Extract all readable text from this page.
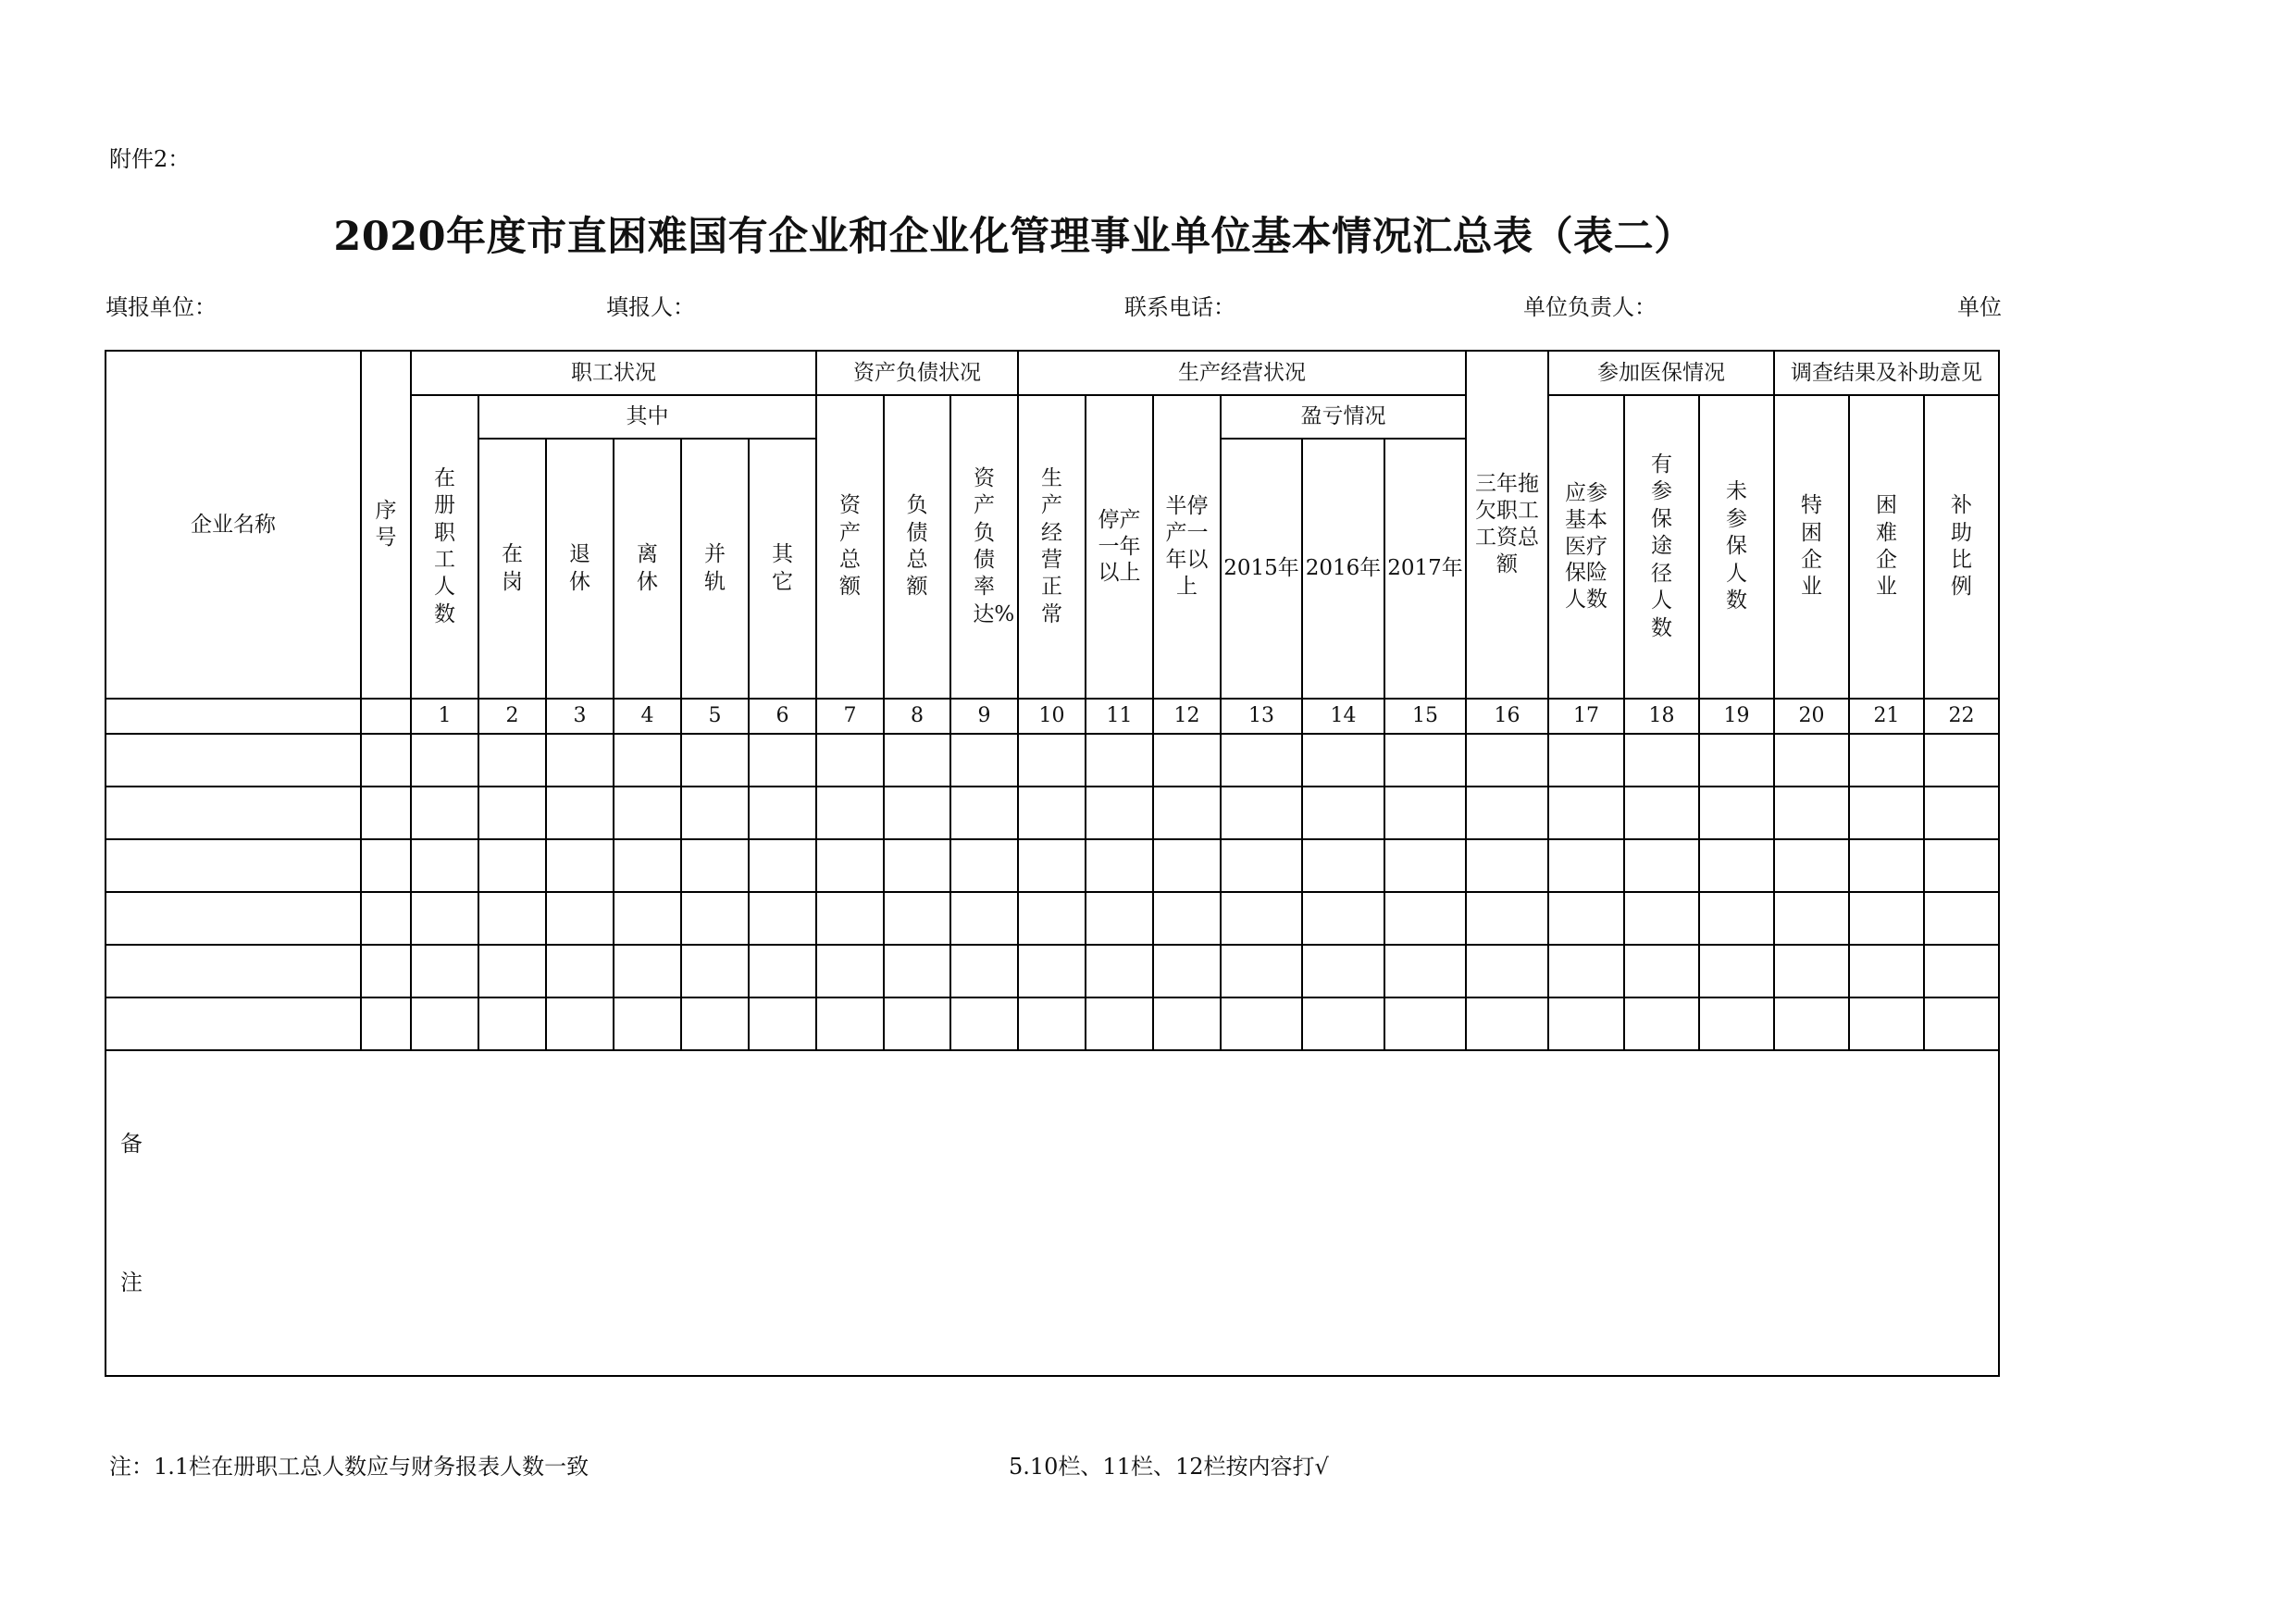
附件2：
2020年度市直困难国有企业和企业化管理事业单位基本情况汇总表（表二）
填报单位：	填报人：	联系电话：	单位负责人：	单位
企业名称	序号	职工状况						资产负债状况			生产经营状况						三年拖欠职工工资总额	参加医保情况			调查结果及补助意见		
		在册职工人数	其中					资产总额	负债总额	资产负债率达%	生产经营正常	停产一年以上	半停产一年以上	盈亏情况				应参基本医疗保险人数	有参保途径人数	未参保人数	特困企业	困难企业	补助比例
			在岗	退休	离休	并轨	其它							2015年	2016年	2017年							
		1	2	3	4	5	6	7	8	9	10	11	12	13	14	15	16	17	18	19	20	21	22

备
注																							
注：1.1栏在册职工总人数应与财务报表人数一致	5.10栏、11栏、12栏按内容打√
